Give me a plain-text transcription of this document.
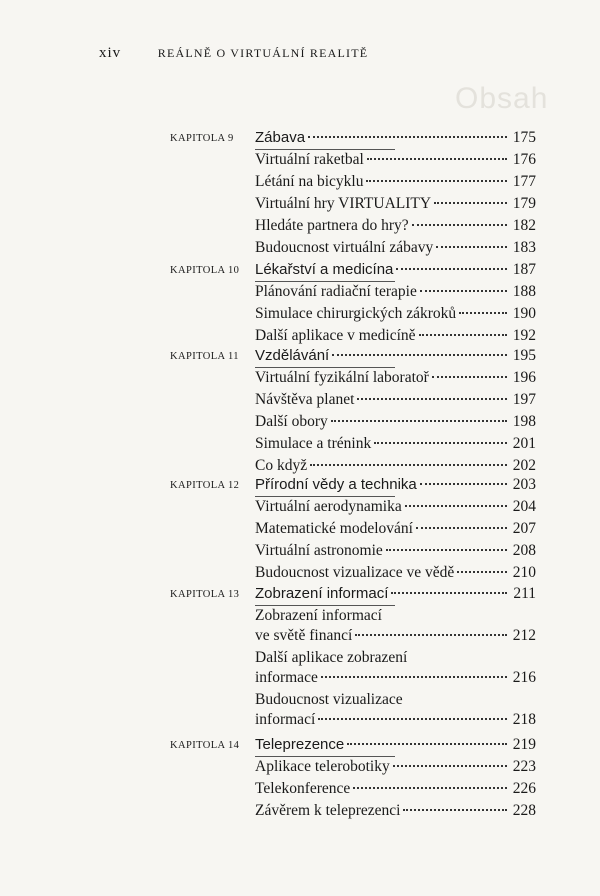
Obsah
xiv	REÁLNĚ O VIRTUÁLNÍ REALITĚ
KAPITOLA 9 Zábava	175
Virtuální raketbal	176
Létání na bicyklu	177
Virtuální hry VIRTUALITY	179
Hledáte partnera do hry?	182
Budoucnost virtuální zábavy	183
KAPITOLA 10 Lékařství a medicína	187
Plánování radiační terapie	188
Simulace chirurgických zákroků	190
Další aplikace v medicíně	192
KAPITOLA 11 Vzdělávání	195
Virtuální fyzikální laboratoř	196
Návštěva planet	197
Další obory	198
Simulace a trénink	201
Co když	202
KAPITOLA 12 Přírodní vědy a technika	203
Virtuální aerodynamika	204
Matematické modelování	207
Virtuální astronomie	208
Budoucnost vizualizace ve vědě	210
KAPITOLA 13 Zobrazení informací	211
Zobrazení informací
ve světě financí	212
Další aplikace zobrazení
informace	216
Budoucnost vizualizace
informací	218
KAPITOLA 14 Teleprezence	219
Aplikace telerobotiky	223
Telekonference	226
Závěrem k teleprezenci	228
